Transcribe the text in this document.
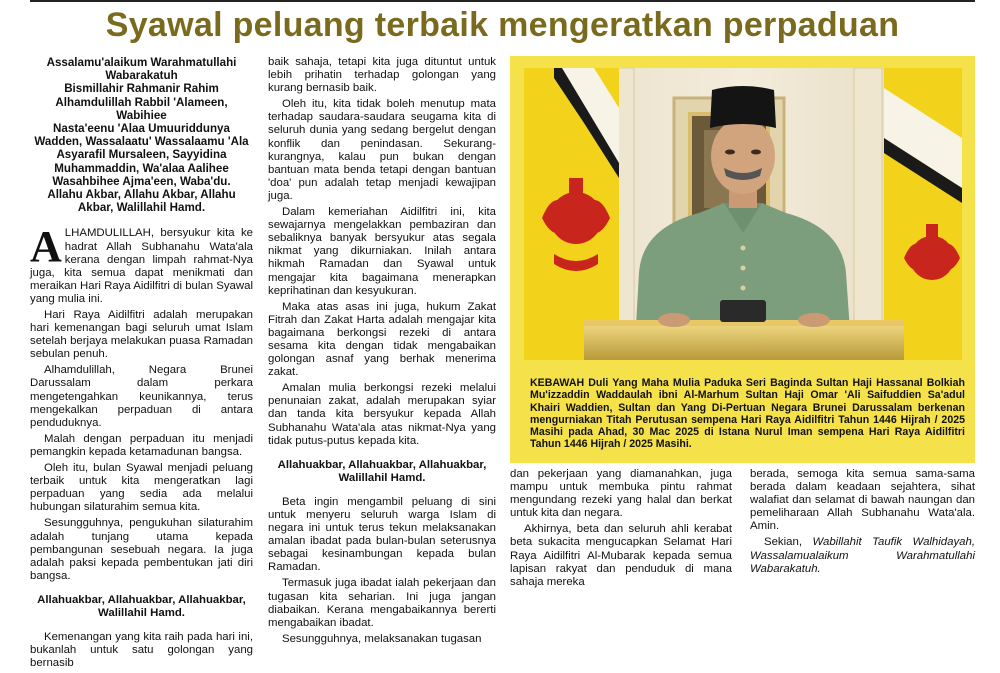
Syawal peluang terbaik mengeratkan perpaduan
Assalamu'alaikum Warahmatullahi
Wabarakatuh
Bismillahir Rahmanir Rahim
Alhamdulillah Rabbil 'Alameen, Wabihiee
Nasta'eenu 'Alaa Umuuriddunya
Wadden, Wassalaatu' Wassalaamu 'Ala
Asyarafil Mursaleen, Sayyidina
Muhammaddin, Wa'alaa Aalihee
Wasahbihee Ajma'een, Waba'du.
Allahu Akbar, Allahu Akbar, Allahu
Akbar, Walillahil Hamd.

ALHAMDULILLAH, bersyukur kita ke hadrat Allah Subhanahu Wata'ala kerana dengan limpah rahmat-Nya juga, kita semua dapat menikmati dan meraikan Hari Raya Aidilfitri di bulan Syawal yang mulia ini.

Hari Raya Aidilfitri adalah merupakan hari kemenangan bagi seluruh umat Islam setelah berjaya melakukan puasa Ramadan sebulan penuh.

Alhamdulillah, Negara Brunei Darussalam dalam perkara mengetengahkan keunikannya, terus mengekalkan perpaduan di antara penduduknya.

Malah dengan perpaduan itu menjadi pemangkin kepada ketamadunan bangsa.

Oleh itu, bulan Syawal menjadi peluang terbaik untuk kita mengeratkan lagi perpaduan yang sedia ada melalui hubungan silaturahim semua kita.

Sesungguhnya, pengukuhan silaturahim adalah tunjang utama kepada pembangunan sesebuah negara. Ia juga adalah paksi kepada pembentukan jati diri bangsa.

Allahuakbar, Allahuakbar, Allahuakbar, Walillahil Hamd.

Kemenangan yang kita raih pada hari ini, bukanlah untuk satu golongan yang bernasib

baik sahaja, tetapi kita juga dituntut untuk lebih prihatin terhadap golongan yang kurang bernasib baik.

Oleh itu, kita tidak boleh menutup mata terhadap saudara-saudara seugama kita di seluruh dunia yang sedang bergelut dengan konflik dan penindasan. Sekurang-kurangnya, kalau pun bukan dengan bantuan mata benda tetapi dengan bantuan 'doa' pun adalah tetap menjadi kewajipan juga.

Dalam kemeriahan Aidilfitri ini, kita sewajarnya mengelakkan pembaziran dan sebaliknya banyak bersyukur atas segala nikmat yang dikurniakan. Inilah antara hikmah Ramadan dan Syawal untuk mengajar kita bagaimana menerapkan keprihatinan dan kesyukuran.

Maka atas asas ini juga, hukum Zakat Fitrah dan Zakat Harta adalah mengajar kita bagaimana berkongsi rezeki di antara sesama kita dengan tidak mengabaikan golongan asnaf yang berhak menerima zakat.

Amalan mulia berkongsi rezeki melalui penunaian zakat, adalah merupakan syiar dan tanda kita bersyukur kepada Allah Subhanahu Wata'ala atas nikmat-Nya yang tidak putus-putus kepada kita.

Allahuakbar, Allahuakbar, Allahuakbar, Walillahil Hamd.

Beta ingin mengambil peluang di sini untuk menyeru seluruh warga Islam di negara ini untuk terus tekun melaksanakan amalan ibadat pada bulan-bulan seterusnya sebagai kesinambungan kepada bulan Ramadan.

Termasuk juga ibadat ialah pekerjaan dan tugasan kita seharian. Ini juga jangan diabaikan. Kerana mengabaikannya bererti mengabaikan ibadat.

Sesungguhnya, melaksanakan tugasan

KEBAWAH Duli Yang Maha Mulia Paduka Seri Baginda Sultan Haji Hassanal Bolkiah Mu'izzaddin Waddaulah ibni Al-Marhum Sultan Haji Omar 'Ali Saifuddien Sa'adul Khairi Waddien, Sultan dan Yang Di-Pertuan Negara Brunei Darussalam berkenan mengurniakan Titah Perutusan sempena Hari Raya Aidilfitri Tahun 1446 Hijrah / 2025 Masihi pada Ahad, 30 Mac 2025 di Istana Nurul Iman sempena Hari Raya Aidilfitri Tahun 1446 Hijrah / 2025 Masihi.

dan pekerjaan yang diamanahkan, juga mampu untuk membuka pintu rahmat mengundang rezeki yang halal dan berkat untuk kita dan negara.

Akhirnya, beta dan seluruh ahli kerabat beta sukacita mengucapkan Selamat Hari Raya Aidilfitri Al-Mubarak kepada semua lapisan rakyat dan penduduk di mana sahaja mereka

berada, semoga kita semua sama-sama berada dalam keadaan sejahtera, sihat walafiat dan selamat di bawah naungan dan pemeliharaan Allah Subhanahu Wata'ala. Amin.

Sekian, Wabillahit Taufik Walhidayah, Wassalamualaikum Warahmatullahi Wabarakatuh.
